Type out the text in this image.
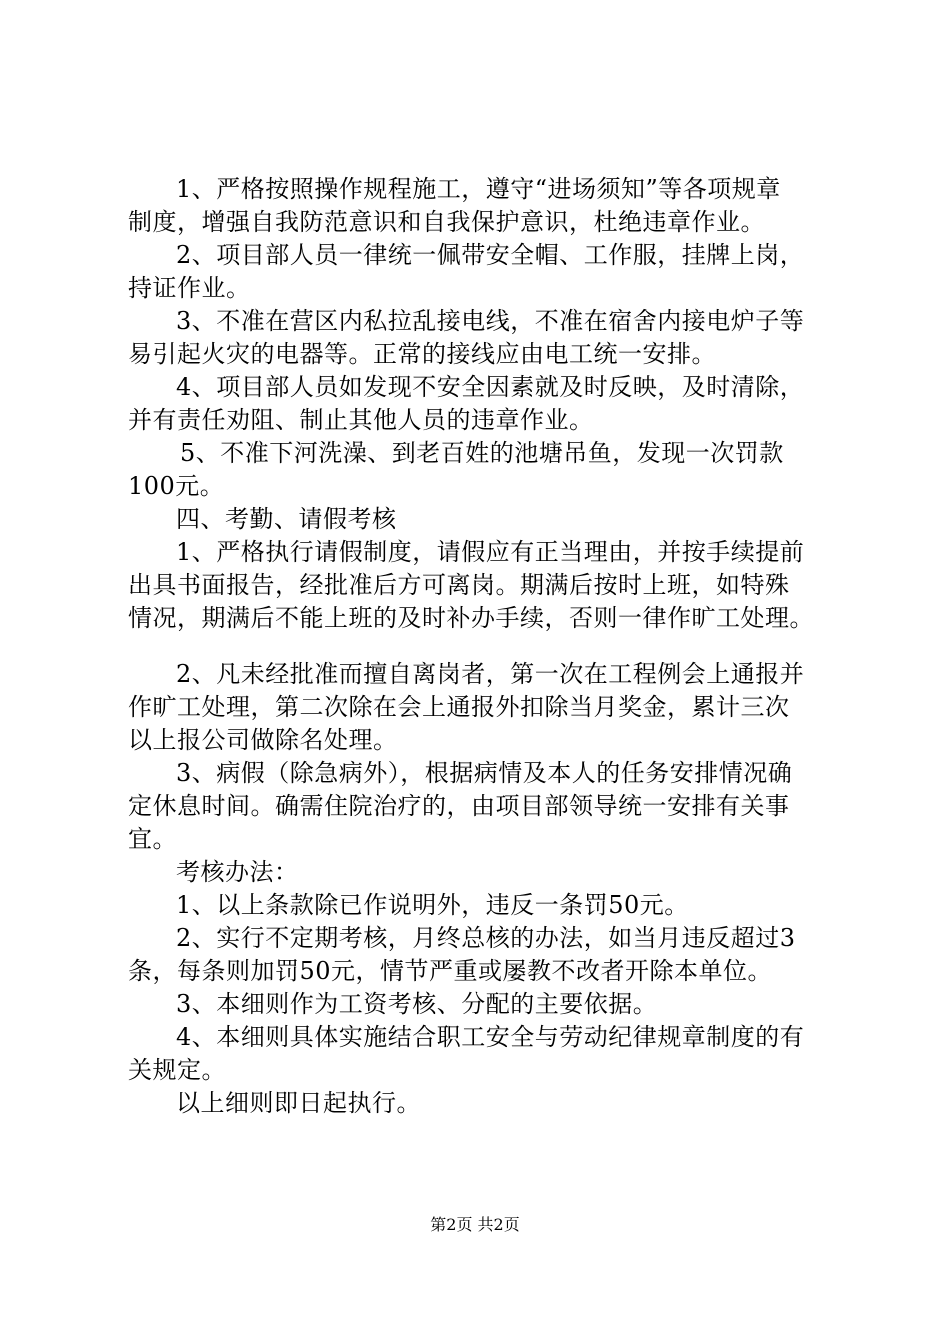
1、严格按照操作规程施工，遵守“进场须知”等各项规章
制度，增强自我防范意识和自我保护意识，杜绝违章作业。
2、项目部人员一律统一佩带安全帽、工作服，挂牌上岗，
持证作业。
3、不准在营区内私拉乱接电线，不准在宿舍内接电炉子等
易引起火灾的电器等。正常的接线应由电工统一安排。
4、项目部人员如发现不安全因素就及时反映，及时清除，
并有责任劝阻、制止其他人员的违章作业。
5、不准下河洗澡、到老百姓的池塘吊鱼，发现一次罚款
100元。
四、考勤、请假考核
1、严格执行请假制度，请假应有正当理由，并按手续提前
出具书面报告，经批准后方可离岗。期满后按时上班，如特殊
情况，期满后不能上班的及时补办手续，否则一律作旷工处理。
2、凡未经批准而擅自离岗者，第一次在工程例会上通报并
作旷工处理，第二次除在会上通报外扣除当月奖金，累计三次
以上报公司做除名处理。
3、病假（除急病外），根据病情及本人的任务安排情况确
定休息时间。确需住院治疗的，由项目部领导统一安排有关事
宜。
考核办法：
1、以上条款除已作说明外，违反一条罚50元。
2、实行不定期考核，月终总核的办法，如当月违反超过3
条，每条则加罚50元，情节严重或屡教不改者开除本单位。
3、本细则作为工资考核、分配的主要依据。
4、本细则具体实施结合职工安全与劳动纪律规章制度的有
关规定。
以上细则即日起执行。
第2页 共2页
